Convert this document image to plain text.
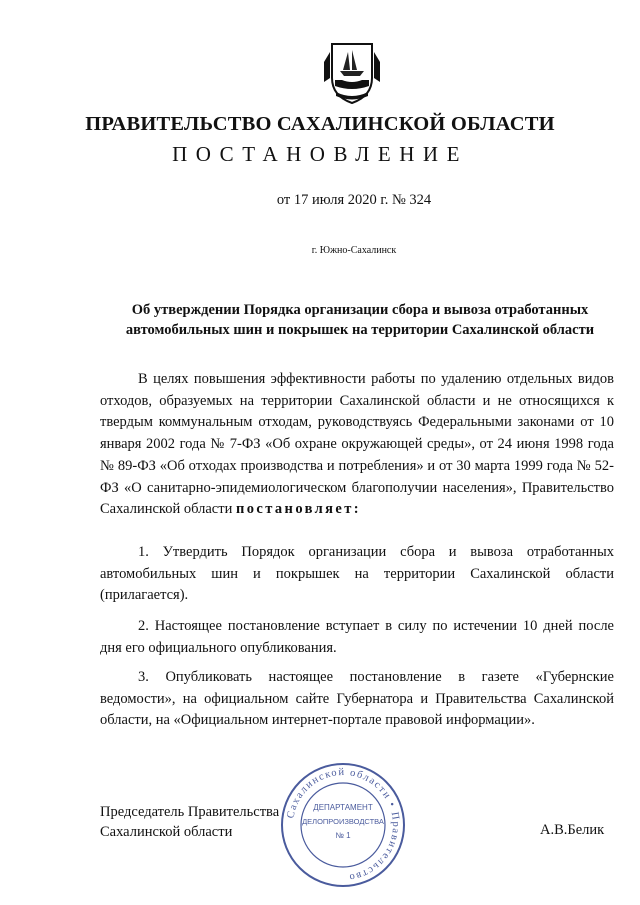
ПРАВИТЕЛЬСТВО САХАЛИНСКОЙ ОБЛАСТИ
ПОСТАНОВЛЕНИЕ
от 17 июля 2020 г. № 324
г. Южно-Сахалинск
Об утверждении Порядка организации сбора и вывоза отработанных
автомобильных шин и покрышек на территории Сахалинской области

В целях повышения эффективности работы по удалению отдельных видов отходов, образуемых на территории Сахалинской области и не относящихся к твердым коммунальным отходам, руководствуясь Федеральными законами от 10 января 2002 года № 7-ФЗ «Об охране окружающей среды», от 24 июня 1998 года № 89-ФЗ «Об отходах производства и потребления» и от 30 марта 1999 года № 52-ФЗ «О санитарно-эпидемиологическом благополучии населения», Правительство Сахалинской области постановляет:

1. Утвердить Порядок организации сбора и вывоза отработанных автомобильных шин и покрышек на территории Сахалинской области (прилагается).

2. Настоящее постановление вступает в силу по истечении 10 дней после дня его официального опубликования.

3. Опубликовать настоящее постановление в газете «Губернские ведомости», на официальном сайте Губернатора и Правительства Сахалинской области, на «Официальном интернет-портале правовой информации».

Председатель Правительства
Сахалинской области	А.В.Белик
Сахалинской области • Правительство
ДЕПАРТАМЕНТ
ДЕЛОПРОИЗВОДСТВА
№ 1
